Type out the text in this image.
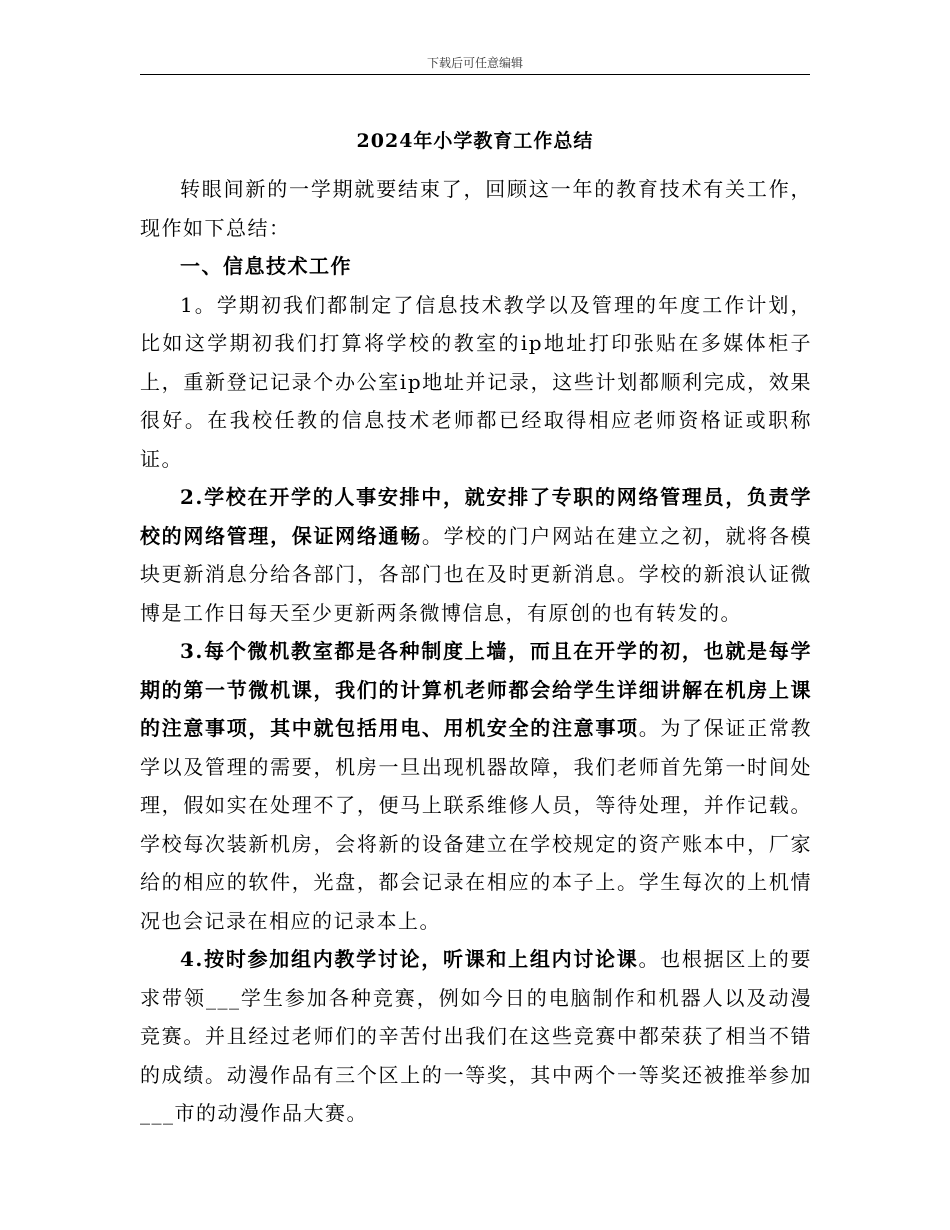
下载后可任意编辑
2024年小学教育工作总结

转眼间新的一学期就要结束了，回顾这一年的教育技术有关工作，现作如下总结：

一、信息技术工作

1。学期初我们都制定了信息技术教学以及管理的年度工作计划，比如这学期初我们打算将学校的教室的ip地址打印张贴在多媒体柜子上，重新登记记录个办公室ip地址并记录，这些计划都顺利完成，效果很好。在我校任教的信息技术老师都已经取得相应老师资格证或职称证。

2.学校在开学的人事安排中，就安排了专职的网络管理员，负责学校的网络管理，保证网络通畅。学校的门户网站在建立之初，就将各模块更新消息分给各部门，各部门也在及时更新消息。学校的新浪认证微博是工作日每天至少更新两条微博信息，有原创的也有转发的。

3.每个微机教室都是各种制度上墙，而且在开学的初，也就是每学期的第一节微机课，我们的计算机老师都会给学生详细讲解在机房上课的注意事项，其中就包括用电、用机安全的注意事项。为了保证正常教学以及管理的需要，机房一旦出现机器故障，我们老师首先第一时间处理，假如实在处理不了，便马上联系维修人员，等待处理，并作记载。学校每次装新机房，会将新的设备建立在学校规定的资产账本中，厂家给的相应的软件，光盘，都会记录在相应的本子上。学生每次的上机情况也会记录在相应的记录本上。

4.按时参加组内教学讨论，听课和上组内讨论课。也根据区上的要求带领___学生参加各种竞赛，例如今日的电脑制作和机器人以及动漫竞赛。并且经过老师们的辛苦付出我们在这些竞赛中都荣获了相当不错的成绩。动漫作品有三个区上的一等奖，其中两个一等奖还被推举参加___市的动漫作品大赛。
